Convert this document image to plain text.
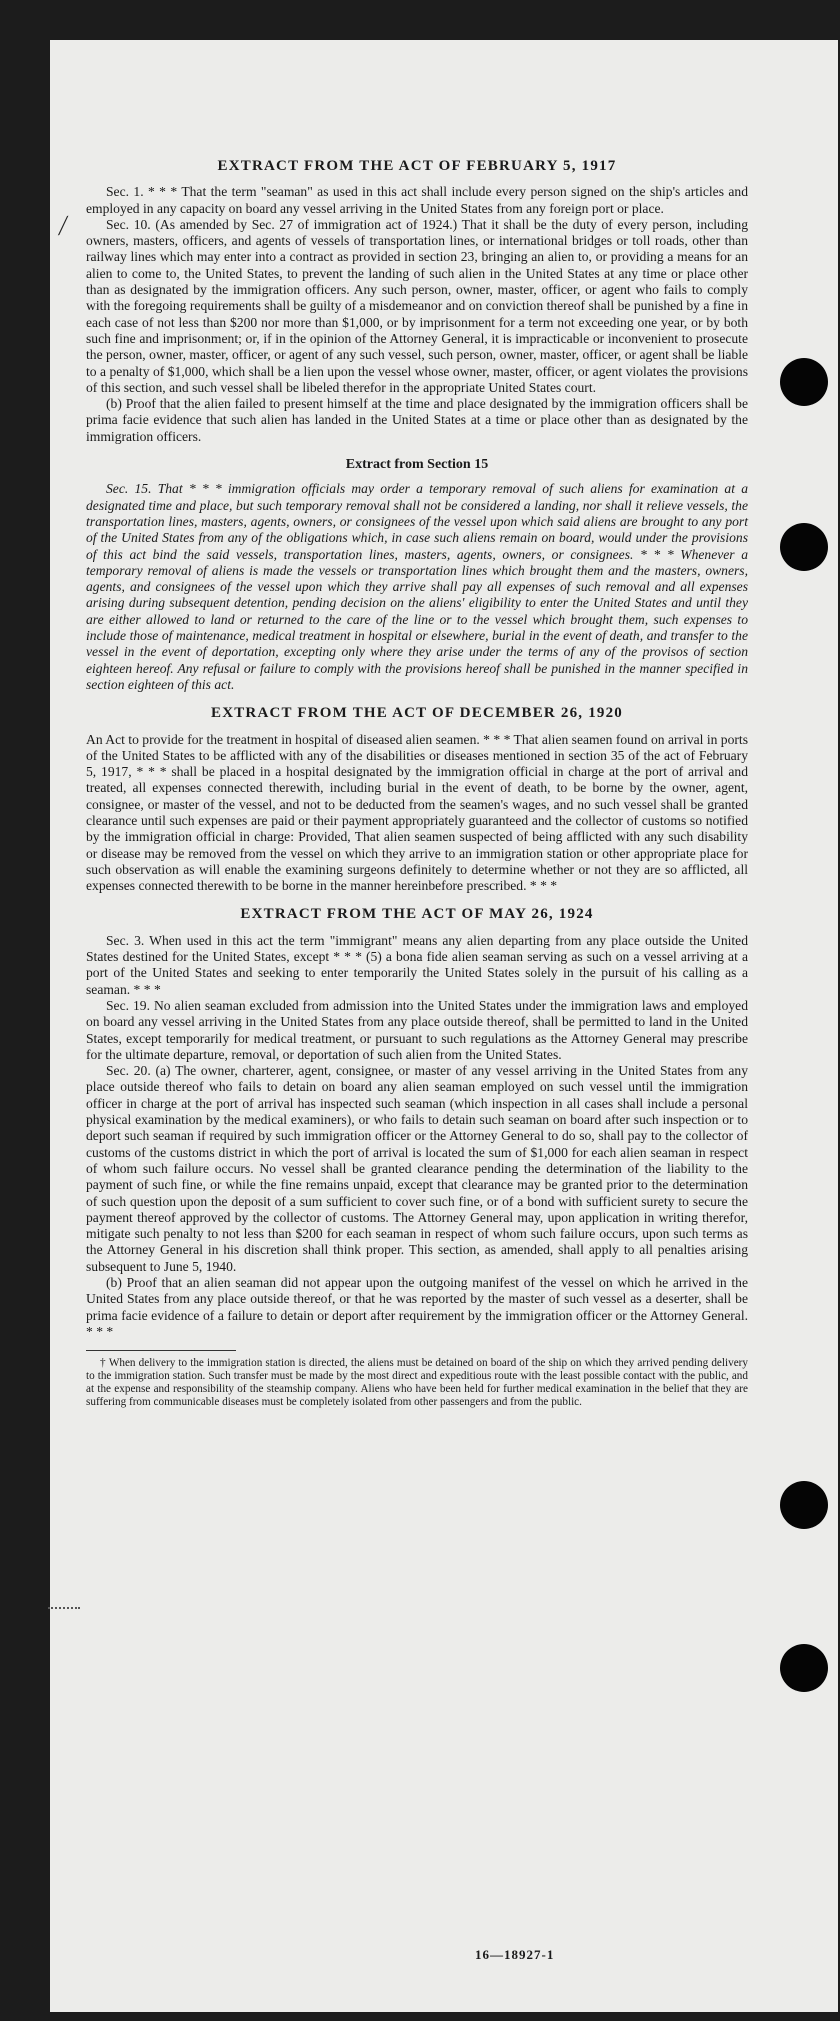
⟋
EXTRACT FROM THE ACT OF FEBRUARY 5, 1917

Sec. 1. * * * That the term "seaman" as used in this act shall include every person signed on the ship's articles and employed in any capacity on board any vessel arriving in the United States from any foreign port or place.

Sec. 10. (As amended by Sec. 27 of immigration act of 1924.) That it shall be the duty of every person, including owners, masters, officers, and agents of vessels of transportation lines, or international bridges or toll roads, other than railway lines which may enter into a contract as provided in section 23, bringing an alien to, or providing a means for an alien to come to, the United States, to prevent the landing of such alien in the United States at any time or place other than as designated by the immigration officers. Any such person, owner, master, officer, or agent who fails to comply with the foregoing requirements shall be guilty of a misdemeanor and on conviction thereof shall be punished by a fine in each case of not less than $200 nor more than $1,000, or by imprisonment for a term not exceeding one year, or by both such fine and imprisonment; or, if in the opinion of the Attorney General, it is impracticable or inconvenient to prosecute the person, owner, master, officer, or agent of any such vessel, such person, owner, master, officer, or agent shall be liable to a penalty of $1,000, which shall be a lien upon the vessel whose owner, master, officer, or agent violates the provisions of this section, and such vessel shall be libeled therefor in the appropriate United States court.

(b) Proof that the alien failed to present himself at the time and place designated by the immigration officers shall be prima facie evidence that such alien has landed in the United States at a time or place other than as designated by the immigration officers.

Extract from Section 15

Sec. 15. That * * * immigration officials may order a temporary removal of such aliens for examination at a designated time and place, but such temporary removal shall not be considered a landing, nor shall it relieve vessels, the transportation lines, masters, agents, owners, or consignees of the vessel upon which said aliens are brought to any port of the United States from any of the obligations which, in case such aliens remain on board, would under the provisions of this act bind the said vessels, transportation lines, masters, agents, owners, or consignees. * * * Whenever a temporary removal of aliens is made the vessels or transportation lines which brought them and the masters, owners, agents, and consignees of the vessel upon which they arrive shall pay all expenses of such removal and all expenses arising during subsequent detention, pending decision on the aliens' eligibility to enter the United States and until they are either allowed to land or returned to the care of the line or to the vessel which brought them, such expenses to include those of maintenance, medical treatment in hospital or elsewhere, burial in the event of death, and transfer to the vessel in the event of deportation, excepting only where they arise under the terms of any of the provisos of section eighteen hereof. Any refusal or failure to comply with the provisions hereof shall be punished in the manner specified in section eighteen of this act.

EXTRACT FROM THE ACT OF DECEMBER 26, 1920

An Act to provide for the treatment in hospital of diseased alien seamen. * * * That alien seamen found on arrival in ports of the United States to be afflicted with any of the disabilities or diseases mentioned in section 35 of the act of February 5, 1917, * * * shall be placed in a hospital designated by the immigration official in charge at the port of arrival and treated, all expenses connected therewith, including burial in the event of death, to be borne by the owner, agent, consignee, or master of the vessel, and not to be deducted from the seamen's wages, and no such vessel shall be granted clearance until such expenses are paid or their payment appropriately guaranteed and the collector of customs so notified by the immigration official in charge: Provided, That alien seamen suspected of being afflicted with any such disability or disease may be removed from the vessel on which they arrive to an immigration station or other appropriate place for such observation as will enable the examining surgeons definitely to determine whether or not they are so afflicted, all expenses connected therewith to be borne in the manner hereinbefore prescribed. * * *

EXTRACT FROM THE ACT OF MAY 26, 1924

Sec. 3. When used in this act the term "immigrant" means any alien departing from any place outside the United States destined for the United States, except * * * (5) a bona fide alien seaman serving as such on a vessel arriving at a port of the United States and seeking to enter temporarily the United States solely in the pursuit of his calling as a seaman. * * *

Sec. 19. No alien seaman excluded from admission into the United States under the immigration laws and employed on board any vessel arriving in the United States from any place outside thereof, shall be permitted to land in the United States, except temporarily for medical treatment, or pursuant to such regulations as the Attorney General may prescribe for the ultimate departure, removal, or deportation of such alien from the United States.

Sec. 20. (a) The owner, charterer, agent, consignee, or master of any vessel arriving in the United States from any place outside thereof who fails to detain on board any alien seaman employed on such vessel until the immigration officer in charge at the port of arrival has inspected such seaman (which inspection in all cases shall include a personal physical examination by the medical examiners), or who fails to detain such seaman on board after such inspection or to deport such seaman if required by such immigration officer or the Attorney General to do so, shall pay to the collector of customs of the customs district in which the port of arrival is located the sum of $1,000 for each alien seaman in respect of whom such failure occurs. No vessel shall be granted clearance pending the determination of the liability to the payment of such fine, or while the fine remains unpaid, except that clearance may be granted prior to the determination of such question upon the deposit of a sum sufficient to cover such fine, or of a bond with sufficient surety to secure the payment thereof approved by the collector of customs. The Attorney General may, upon application in writing therefor, mitigate such penalty to not less than $200 for each seaman in respect of whom such failure occurs, upon such terms as the Attorney General in his discretion shall think proper. This section, as amended, shall apply to all penalties arising subsequent to June 5, 1940.

(b) Proof that an alien seaman did not appear upon the outgoing manifest of the vessel on which he arrived in the United States from any place outside thereof, or that he was reported by the master of such vessel as a deserter, shall be prima facie evidence of a failure to detain or deport after requirement by the immigration officer or the Attorney General. * * *

† When delivery to the immigration station is directed, the aliens must be detained on board of the ship on which they arrived pending delivery to the immigration station. Such transfer must be made by the most direct and expeditious route with the least possible contact with the public, and at the expense and responsibility of the steamship company. Aliens who have been held for further medical examination in the belief that they are suffering from communicable diseases must be completely isolated from other passengers and from the public.

16—18927-1
